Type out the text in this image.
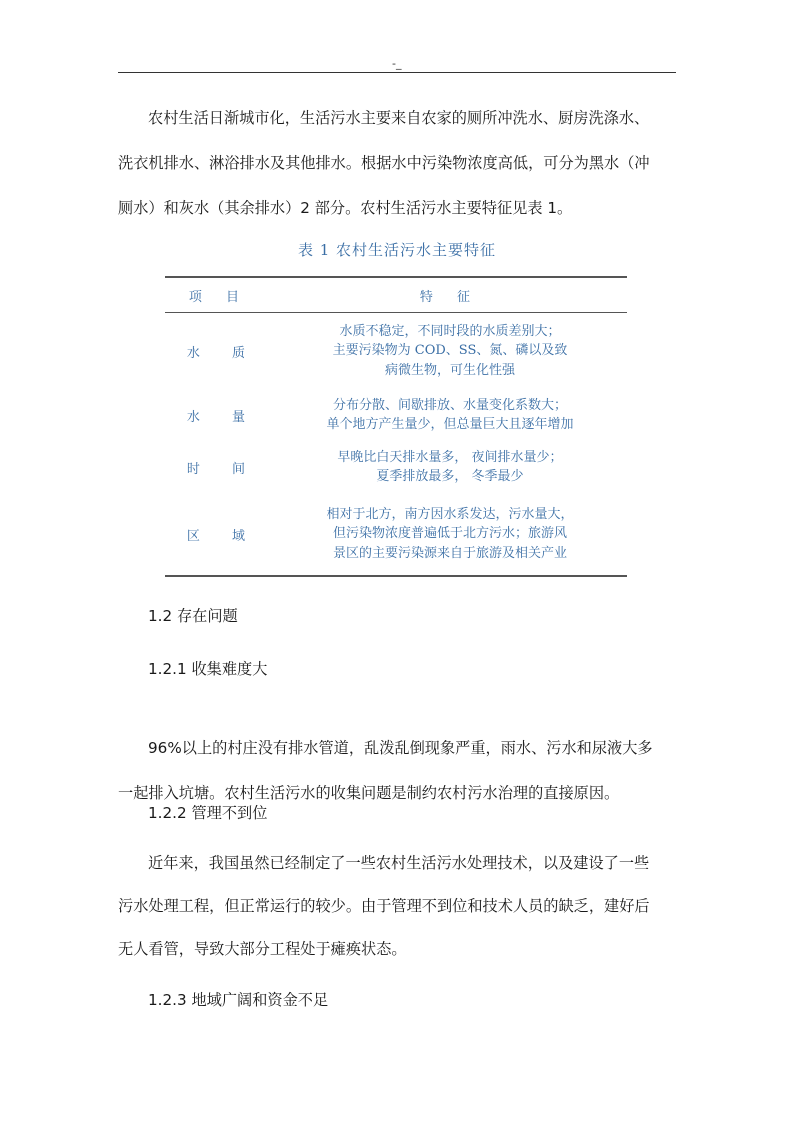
-_

农村生活日渐城市化，生活污水主要来自农家的厕所冲洗水、厨房洗涤水、

洗衣机排水、淋浴排水及其他排水。根据水中污染物浓度高低，可分为黑水（冲

厕水）和灰水（其余排水）2 部分。农村生活污水主要特征见表 1。

表 1 农村生活污水主要特征
项 目	特 征
水 质	水质不稳定，不同时段的水质差别大；
主要污染物为 COD、SS、氮、磷以及致
病微生物，可生化性强

水 量	分布分散、间歇排放、水量变化系数大；
单个地方产生量少，但总量巨大且逐年增加

时 间	早晚比白天排水量多， 夜间排水量少；
夏季排放最多， 冬季最少

区 域	相对于北方，南方因水系发达，污水量大，
但污染物浓度普遍低于北方污水；旅游风
景区的主要污染源来自于旅游及相关产业

1.2 存在问题

1.2.1 收集难度大

96%以上的村庄没有排水管道，乱泼乱倒现象严重，雨水、污水和尿液大多

一起排入坑塘。农村生活污水的收集问题是制约农村污水治理的直接原因。

1.2.2 管理不到位

近年来，我国虽然已经制定了一些农村生活污水处理技术，以及建设了一些

污水处理工程，但正常运行的较少。由于管理不到位和技术人员的缺乏，建好后

无人看管，导致大部分工程处于瘫痪状态。

1.2.3 地域广阔和资金不足
